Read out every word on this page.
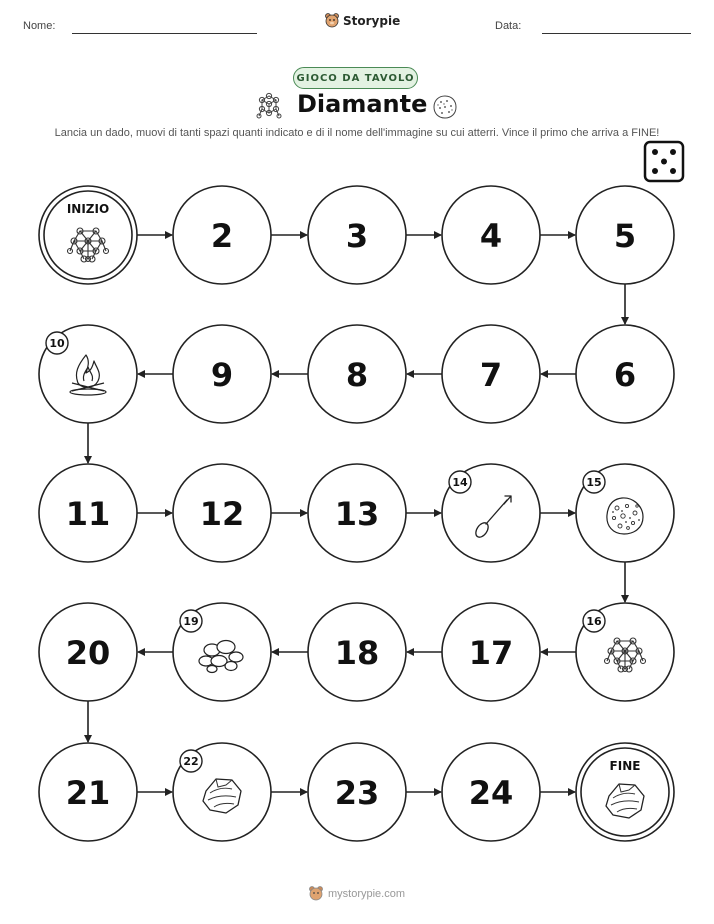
Nome:	Storypie	Data:
GIOCO DA TAVOLO
Diamante
Lancia un dado, muovi di tanti spazi quanti indicato e di il nome dell'immagine su cui atterri. Vince il primo che arriva a FINE!
INIZIO
2	3	4	5
6
7
8
9
10
11	12	13
14	15
16
17
18
19
20
21
22
23	24
FINE
mystorypie.com
